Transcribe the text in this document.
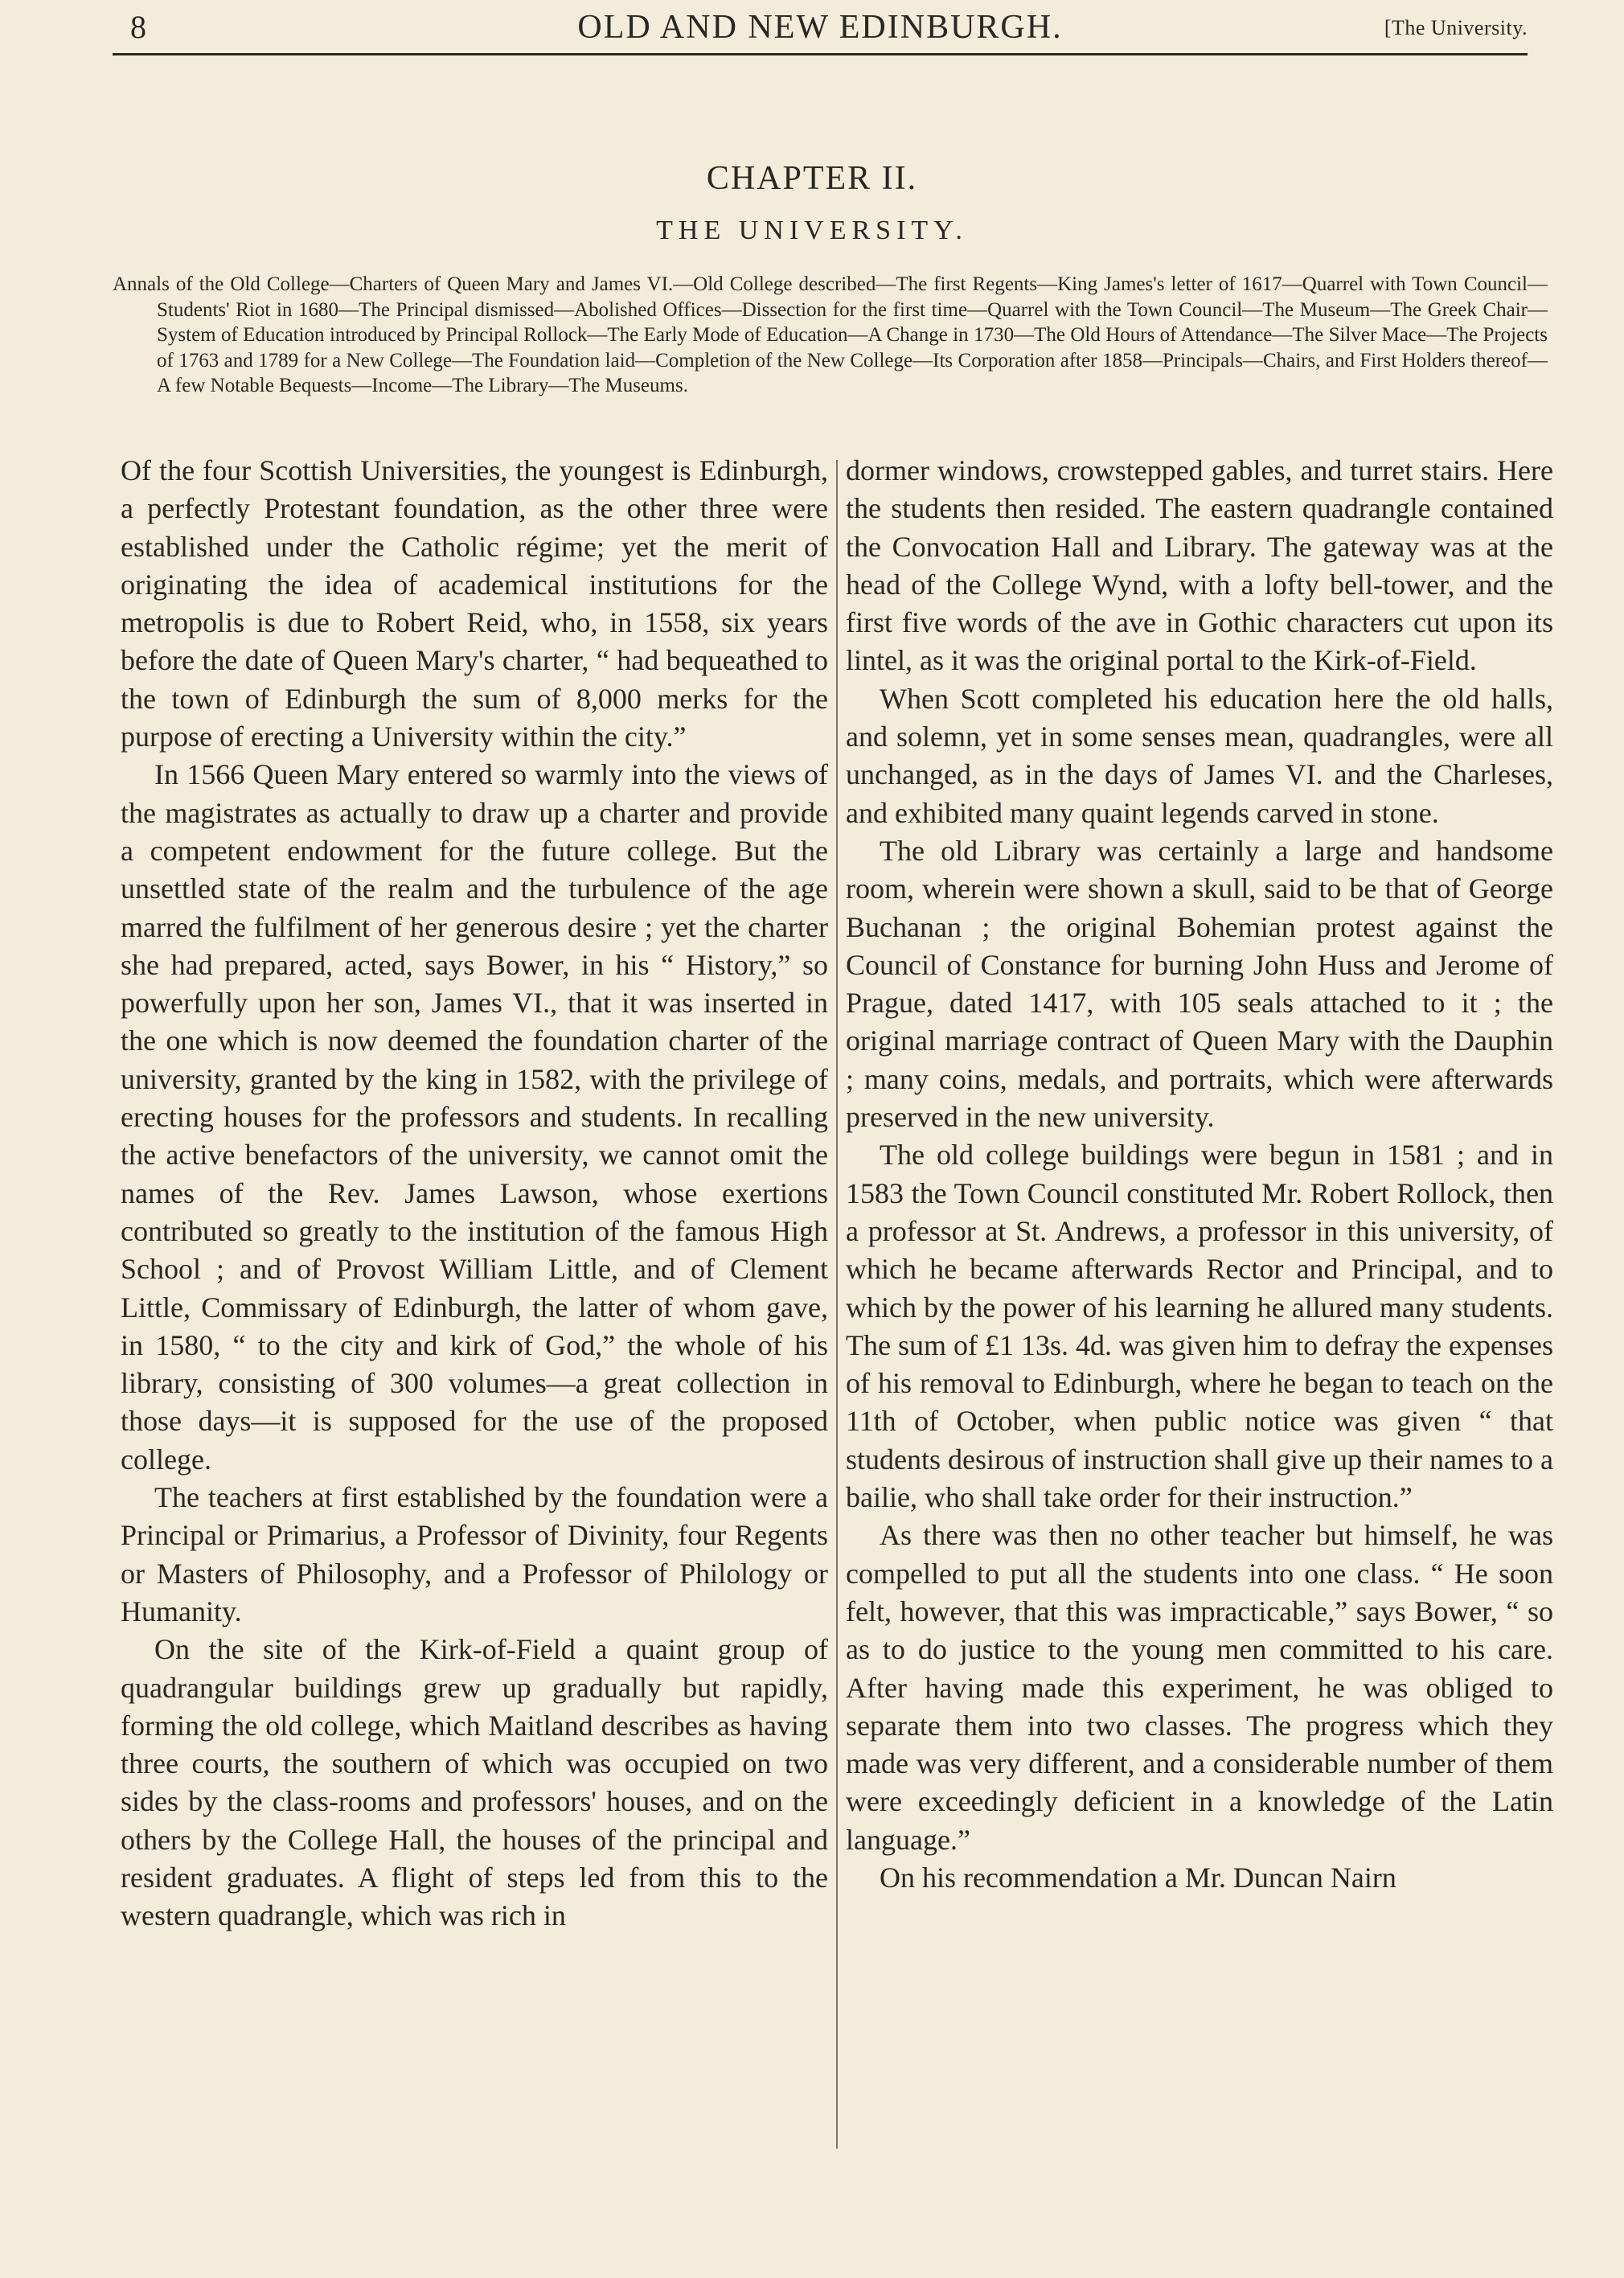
8	OLD AND NEW EDINBURGH.	[The University.
CHAPTER II.
THE UNIVERSITY.
Annals of the Old College—Charters of Queen Mary and James VI.—Old College described—The first Regents—King James's letter of 1617—Quarrel with Town Council—Students' Riot in 1680—The Principal dismissed—Abolished Offices—Dissection for the first time—Quarrel with the Town Council—The Museum—The Greek Chair—System of Education introduced by Principal Rollock—The Early Mode of Education—A Change in 1730—The Old Hours of Attendance—The Silver Mace—The Projects of 1763 and 1789 for a New College—The Foundation laid—Completion of the New College—Its Corporation after 1858—Principals—Chairs, and First Holders thereof—A few Notable Bequests—Income—The Library—The Museums.

Of the four Scottish Universities, the youngest is Edinburgh, a perfectly Protestant foundation, as the other three were established under the Catholic régime; yet the merit of originating the idea of academical institutions for the metropolis is due to Robert Reid, who, in 1558, six years before the date of Queen Mary's charter, “ had bequeathed to the town of Edinburgh the sum of 8,000 merks for the purpose of erecting a University within the city.”

In 1566 Queen Mary entered so warmly into the views of the magistrates as actually to draw up a charter and provide a competent endowment for the future college. But the unsettled state of the realm and the turbulence of the age marred the fulfilment of her generous desire ; yet the charter she had prepared, acted, says Bower, in his “ History,” so powerfully upon her son, James VI., that it was inserted in the one which is now deemed the foundation charter of the university, granted by the king in 1582, with the privilege of erecting houses for the professors and students. In recalling the active benefactors of the university, we cannot omit the names of the Rev. James Lawson, whose exertions contributed so greatly to the institution of the famous High School ; and of Provost William Little, and of Clement Little, Commissary of Edinburgh, the latter of whom gave, in 1580, “ to the city and kirk of God,” the whole of his library, consisting of 300 volumes—a great collection in those days—it is supposed for the use of the proposed college.

The teachers at first established by the foundation were a Principal or Primarius, a Professor of Divinity, four Regents or Masters of Philosophy, and a Professor of Philology or Humanity.

On the site of the Kirk-of-Field a quaint group of quadrangular buildings grew up gradually but rapidly, forming the old college, which Maitland describes as having three courts, the southern of which was occupied on two sides by the class-rooms and professors' houses, and on the others by the College Hall, the houses of the principal and resident graduates. A flight of steps led from this to the western quadrangle, which was rich in

dormer windows, crowstepped gables, and turret stairs. Here the students then resided. The eastern quadrangle contained the Convocation Hall and Library. The gateway was at the head of the College Wynd, with a lofty bell-tower, and the first five words of the ave in Gothic characters cut upon its lintel, as it was the original portal to the Kirk-of-Field.

When Scott completed his education here the old halls, and solemn, yet in some senses mean, quadrangles, were all unchanged, as in the days of James VI. and the Charleses, and exhibited many quaint legends carved in stone.

The old Library was certainly a large and handsome room, wherein were shown a skull, said to be that of George Buchanan ; the original Bohemian protest against the Council of Constance for burning John Huss and Jerome of Prague, dated 1417, with 105 seals attached to it ; the original marriage contract of Queen Mary with the Dauphin ; many coins, medals, and portraits, which were afterwards preserved in the new university.

The old college buildings were begun in 1581 ; and in 1583 the Town Council constituted Mr. Robert Rollock, then a professor at St. Andrews, a professor in this university, of which he became afterwards Rector and Principal, and to which by the power of his learning he allured many students. The sum of £1 13s. 4d. was given him to defray the expenses of his removal to Edinburgh, where he began to teach on the 11th of October, when public notice was given “ that students desirous of instruction shall give up their names to a bailie, who shall take order for their instruction.”

As there was then no other teacher but himself, he was compelled to put all the students into one class. “ He soon felt, however, that this was impracticable,” says Bower, “ so as to do justice to the young men committed to his care. After having made this experiment, he was obliged to separate them into two classes. The progress which they made was very different, and a considerable number of them were exceedingly deficient in a knowledge of the Latin language.”

On his recommendation a Mr. Duncan Nairn
